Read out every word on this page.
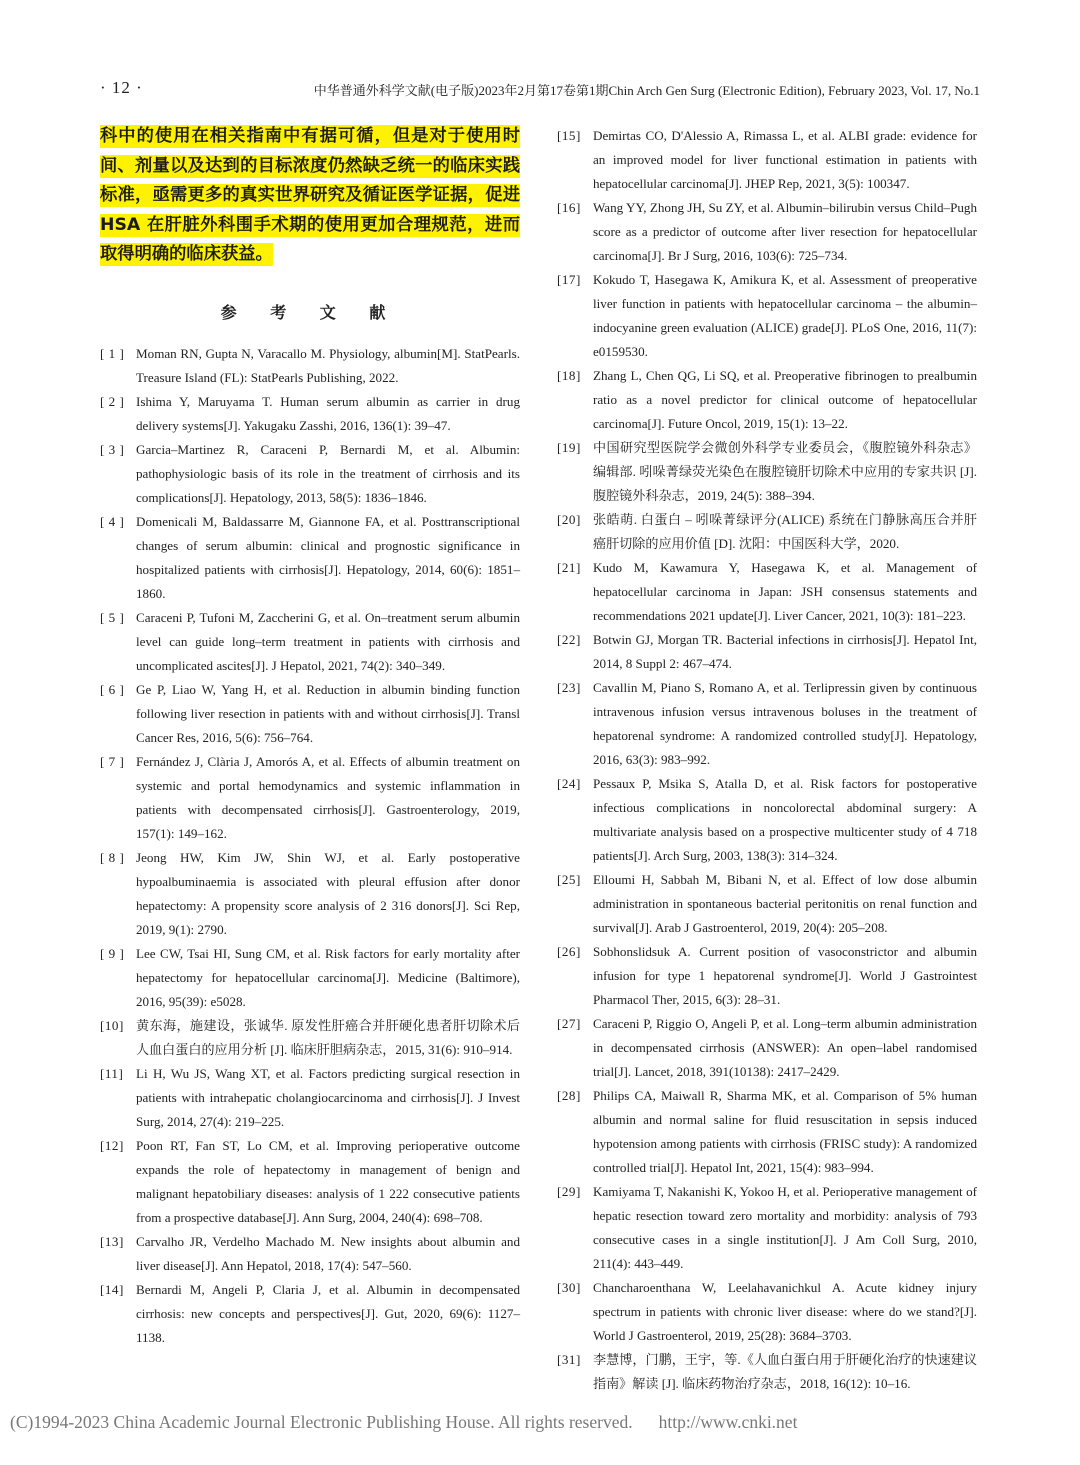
· 12 ·	中华普通外科学文献(电子版)2023年2月第17卷第1期Chin Arch Gen Surg (Electronic Edition), February 2023, Vol. 17, No.1

科中的使用在相关指南中有据可循，但是对于使用时间、剂量以及达到的目标浓度仍然缺乏统一的临床实践标准，亟需更多的真实世界研究及循证医学证据，促进 HSA 在肝脏外科围手术期的使用更加合理规范，进而取得明确的临床获益。

参 考 文 献
[ 1 ] Moman RN, Gupta N, Varacallo M. Physiology, albumin[M]. StatPearls. Treasure Island (FL): StatPearls Publishing, 2022.
[ 2 ] Ishima Y, Maruyama T. Human serum albumin as carrier in drug delivery systems[J]. Yakugaku Zasshi, 2016, 136(1): 39–47.
[ 3 ] Garcia–Martinez R, Caraceni P, Bernardi M, et al. Albumin: pathophysiologic basis of its role in the treatment of cirrhosis and its complications[J]. Hepatology, 2013, 58(5): 1836–1846.
[ 4 ] Domenicali M, Baldassarre M, Giannone FA, et al. Posttranscriptional changes of serum albumin: clinical and prognostic significance in hospitalized patients with cirrhosis[J]. Hepatology, 2014, 60(6): 1851–1860.
[ 5 ] Caraceni P, Tufoni M, Zaccherini G, et al. On–treatment serum albumin level can guide long–term treatment in patients with cirrhosis and uncomplicated ascites[J]. J Hepatol, 2021, 74(2): 340–349.
[ 6 ] Ge P, Liao W, Yang H, et al. Reduction in albumin binding function following liver resection in patients with and without cirrhosis[J]. Transl Cancer Res, 2016, 5(6): 756–764.
[ 7 ] Fernández J, Clària J, Amorós A, et al. Effects of albumin treatment on systemic and portal hemodynamics and systemic inflammation in patients with decompensated cirrhosis[J]. Gastroenterology, 2019, 157(1): 149–162.
[ 8 ] Jeong HW, Kim JW, Shin WJ, et al. Early postoperative hypoalbuminaemia is associated with pleural effusion after donor hepatectomy: A propensity score analysis of 2 316 donors[J]. Sci Rep, 2019, 9(1): 2790.
[ 9 ] Lee CW, Tsai HI, Sung CM, et al. Risk factors for early mortality after hepatectomy for hepatocellular carcinoma[J]. Medicine (Baltimore), 2016, 95(39): e5028.
[10] 黄东海，施建设，张诚华. 原发性肝癌合并肝硬化患者肝切除术后人血白蛋白的应用分析 [J]. 临床肝胆病杂志，2015, 31(6): 910–914.
[11] Li H, Wu JS, Wang XT, et al. Factors predicting surgical resection in patients with intrahepatic cholangiocarcinoma and cirrhosis[J]. J Invest Surg, 2014, 27(4): 219–225.
[12] Poon RT, Fan ST, Lo CM, et al. Improving perioperative outcome expands the role of hepatectomy in management of benign and malignant hepatobiliary diseases: analysis of 1 222 consecutive patients from a prospective database[J]. Ann Surg, 2004, 240(4): 698–708.
[13] Carvalho JR, Verdelho Machado M. New insights about albumin and liver disease[J]. Ann Hepatol, 2018, 17(4): 547–560.
[14] Bernardi M, Angeli P, Claria J, et al. Albumin in decompensated cirrhosis: new concepts and perspectives[J]. Gut, 2020, 69(6): 1127–1138.
[15] Demirtas CO, D'Alessio A, Rimassa L, et al. ALBI grade: evidence for an improved model for liver functional estimation in patients with hepatocellular carcinoma[J]. JHEP Rep, 2021, 3(5): 100347.
[16] Wang YY, Zhong JH, Su ZY, et al. Albumin–bilirubin versus Child–Pugh score as a predictor of outcome after liver resection for hepatocellular carcinoma[J]. Br J Surg, 2016, 103(6): 725–734.
[17] Kokudo T, Hasegawa K, Amikura K, et al. Assessment of preoperative liver function in patients with hepatocellular carcinoma – the albumin–indocyanine green evaluation (ALICE) grade[J]. PLoS One, 2016, 11(7): e0159530.
[18] Zhang L, Chen QG, Li SQ, et al. Preoperative fibrinogen to prealbumin ratio as a novel predictor for clinical outcome of hepatocellular carcinoma[J]. Future Oncol, 2019, 15(1): 13–22.
[19] 中国研究型医院学会微创外科学专业委员会，《腹腔镜外科杂志》编辑部. 吲哚菁绿荧光染色在腹腔镜肝切除术中应用的专家共识 [J]. 腹腔镜外科杂志，2019, 24(5): 388–394.
[20] 张皓萌. 白蛋白 – 吲哚菁绿评分(ALICE) 系统在门静脉高压合并肝癌肝切除的应用价值 [D]. 沈阳：中国医科大学，2020.
[21] Kudo M, Kawamura Y, Hasegawa K, et al. Management of hepatocellular carcinoma in Japan: JSH consensus statements and recommendations 2021 update[J]. Liver Cancer, 2021, 10(3): 181–223.
[22] Botwin GJ, Morgan TR. Bacterial infections in cirrhosis[J]. Hepatol Int, 2014, 8 Suppl 2: 467–474.
[23] Cavallin M, Piano S, Romano A, et al. Terlipressin given by continuous intravenous infusion versus intravenous boluses in the treatment of hepatorenal syndrome: A randomized controlled study[J]. Hepatology, 2016, 63(3): 983–992.
[24] Pessaux P, Msika S, Atalla D, et al. Risk factors for postoperative infectious complications in noncolorectal abdominal surgery: A multivariate analysis based on a prospective multicenter study of 4 718 patients[J]. Arch Surg, 2003, 138(3): 314–324.
[25] Elloumi H, Sabbah M, Bibani N, et al. Effect of low dose albumin administration in spontaneous bacterial peritonitis on renal function and survival[J]. Arab J Gastroenterol, 2019, 20(4): 205–208.
[26] Sobhonslidsuk A. Current position of vasoconstrictor and albumin infusion for type 1 hepatorenal syndrome[J]. World J Gastrointest Pharmacol Ther, 2015, 6(3): 28–31.
[27] Caraceni P, Riggio O, Angeli P, et al. Long–term albumin administration in decompensated cirrhosis (ANSWER): An open–label randomised trial[J]. Lancet, 2018, 391(10138): 2417–2429.
[28] Philips CA, Maiwall R, Sharma MK, et al. Comparison of 5% human albumin and normal saline for fluid resuscitation in sepsis induced hypotension among patients with cirrhosis (FRISC study): A randomized controlled trial[J]. Hepatol Int, 2021, 15(4): 983–994.
[29] Kamiyama T, Nakanishi K, Yokoo H, et al. Perioperative management of hepatic resection toward zero mortality and morbidity: analysis of 793 consecutive cases in a single institution[J]. J Am Coll Surg, 2010, 211(4): 443–449.
[30] Chancharoenthana W, Leelahavanichkul A. Acute kidney injury spectrum in patients with chronic liver disease: where do we stand?[J]. World J Gastroenterol, 2019, 25(28): 3684–3703.
[31] 李慧博，门鹏，王宇，等.《人血白蛋白用于肝硬化治疗的快速建议指南》解读 [J]. 临床药物治疗杂志，2018, 16(12): 10–16.
(C)1994-2023 China Academic Journal Electronic Publishing House. All rights reserved. http://www.cnki.net
